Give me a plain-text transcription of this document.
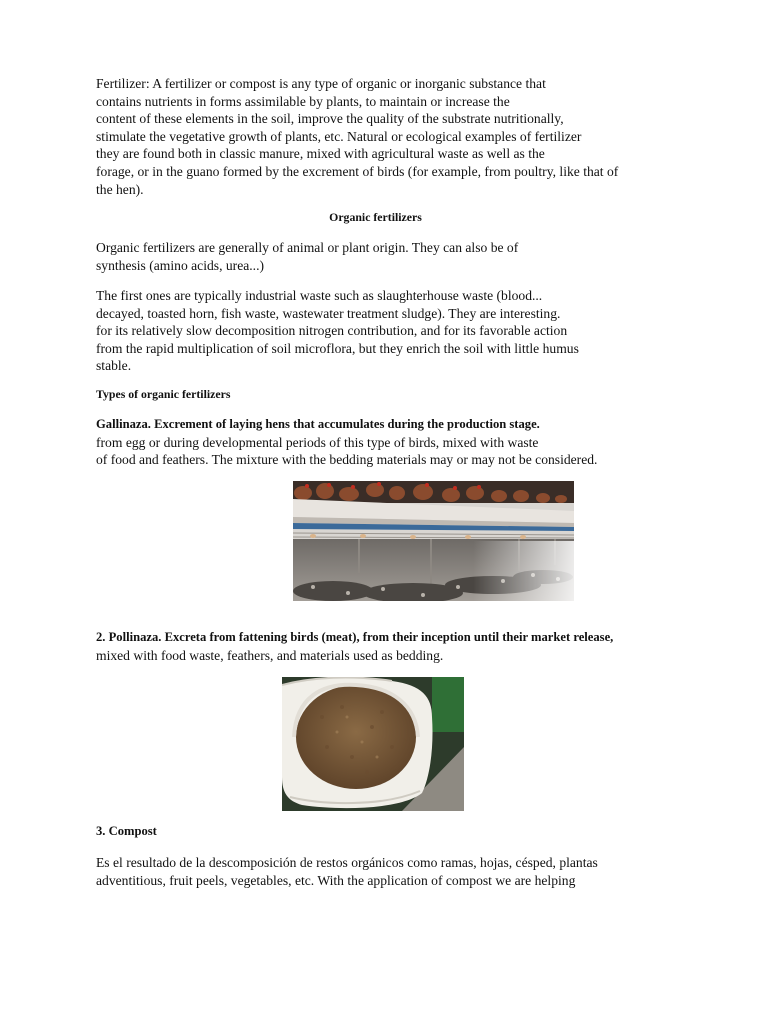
Fertilizer: A fertilizer or compost is any type of organic or inorganic substance that
contains nutrients in forms assimilable by plants, to maintain or increase the
content of these elements in the soil, improve the quality of the substrate nutritionally,
stimulate the vegetative growth of plants, etc. Natural or ecological examples of fertilizer
they are found both in classic manure, mixed with agricultural waste as well as the
forage, or in the guano formed by the excrement of birds (for example, from poultry, like that of
the hen).

Organic fertilizers

Organic fertilizers are generally of animal or plant origin. They can also be of
synthesis (amino acids, urea...)

The first ones are typically industrial waste such as slaughterhouse waste (blood...
decayed, toasted horn, fish waste, wastewater treatment sludge). They are interesting.
for its relatively slow decomposition nitrogen contribution, and for its favorable action
from the rapid multiplication of soil microflora, but they enrich the soil with little humus
stable.

Types of organic fertilizers

Gallinaza. Excrement of laying hens that accumulates during the production stage.
from egg or during developmental periods of this type of birds, mixed with waste
of food and feathers. The mixture with the bedding materials may or may not be considered.

2. Pollinaza. Excreta from fattening birds (meat), from their inception until their market release,
mixed with food waste, feathers, and materials used as bedding.

3. Compost

Es el resultado de la descomposición de restos orgánicos como ramas, hojas, césped, plantas
adventitious, fruit peels, vegetables, etc. With the application of compost we are helping
